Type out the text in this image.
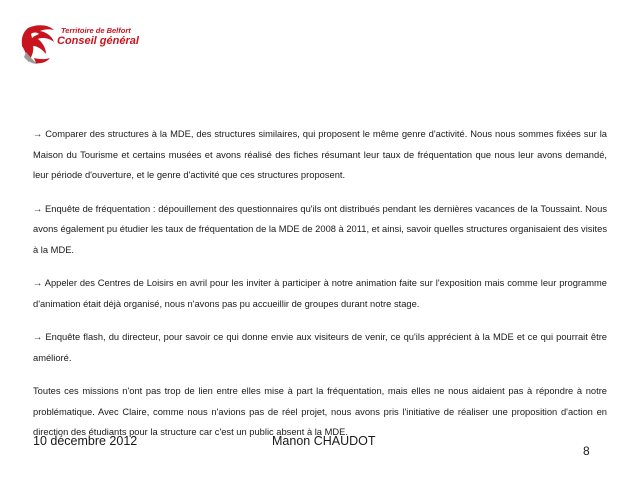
Territoire de Belfort
Conseil général

→ Comparer des structures à la MDE, des structures similaires, qui proposent le même genre d'activité. Nous nous sommes fixées sur la Maison du Tourisme et certains musées et avons réalisé des fiches résumant leur taux de fréquentation que nous leur avons demandé, leur période d'ouverture, et le genre d'activité que ces structures proposent.

→ Enquête de fréquentation : dépouillement des questionnaires qu'ils ont distribués pendant les dernières vacances de la Toussaint. Nous avons également pu étudier les taux de fréquentation de la MDE de 2008 à 2011, et ainsi, savoir quelles structures organisaient des visites à la MDE.

→ Appeler des Centres de Loisirs en avril pour les inviter à participer à notre animation faite sur l'exposition mais comme leur programme d'animation était déjà organisé, nous n'avons pas pu accueillir de groupes durant notre stage.

→ Enquête flash, du directeur, pour savoir ce qui donne envie aux visiteurs de venir, ce qu'ils apprécient à la MDE et ce qui pourrait être amélioré.

Toutes ces missions n'ont pas trop de lien entre elles mise à part la fréquentation, mais elles ne nous aidaient pas à répondre à notre problématique. Avec Claire, comme nous n'avions pas de réel projet, nous avons pris l'initiative de réaliser une proposition d'action en direction des étudiants pour la structure car c'est un public absent à la MDE.

10 décembre 2012	Manon CHAUDOT
8
